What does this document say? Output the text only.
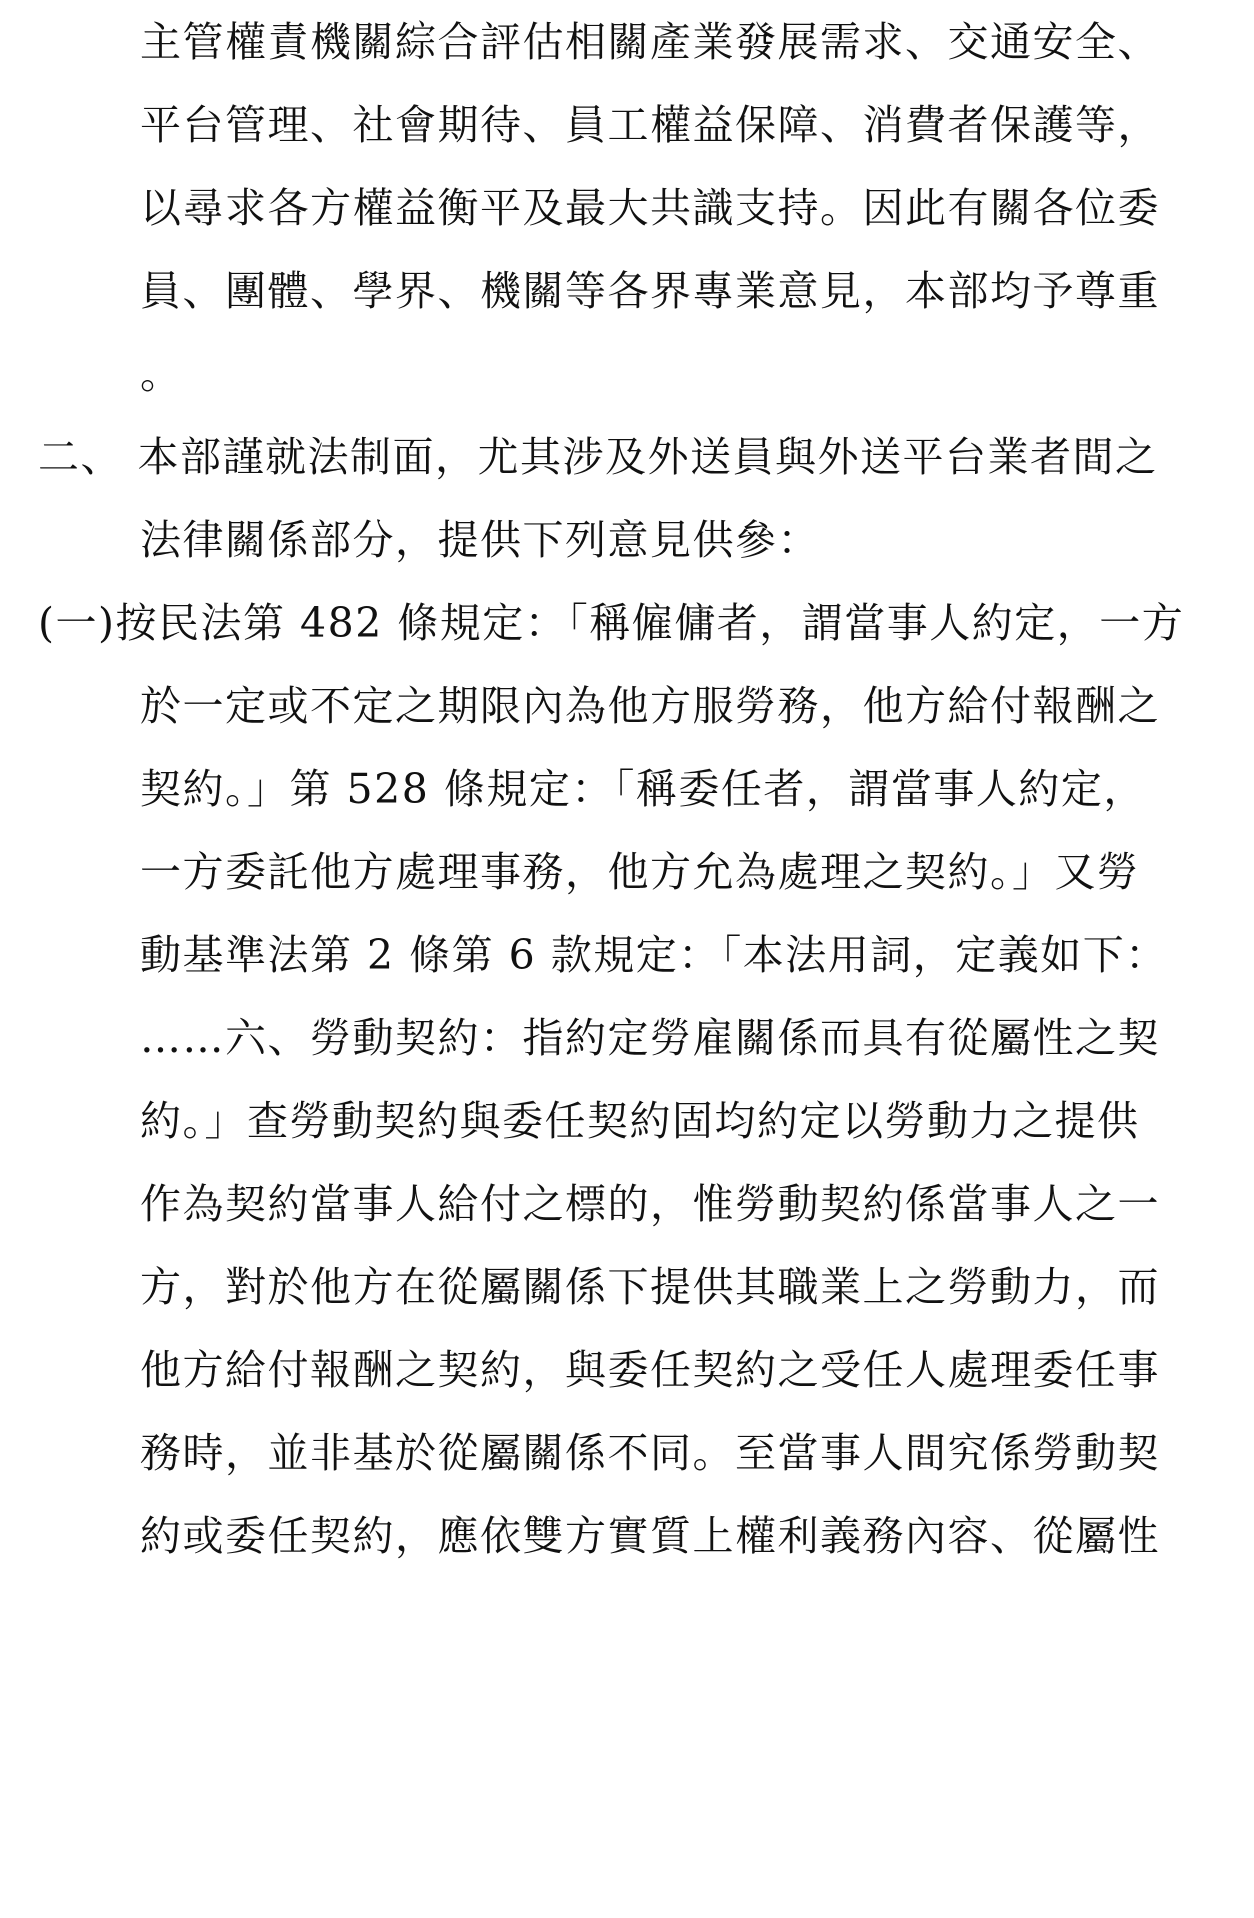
主管權責機關綜合評估相關產業發展需求、交通安全、
平台管理、社會期待、員工權益保障、消費者保護等，
以尋求各方權益衡平及最大共識支持。因此有關各位委
員、團體、學界、機關等各界專業意見，本部均予尊重
。
二、 本部謹就法制面，尤其涉及外送員與外送平台業者間之
法律關係部分，提供下列意見供參：
(一)按民法第 482 條規定：「稱僱傭者，謂當事人約定，一方
於一定或不定之期限內為他方服勞務，他方給付報酬之
契約。」第 528 條規定：「稱委任者，謂當事人約定，
一方委託他方處理事務，他方允為處理之契約。」又勞
動基準法第 2 條第 6 款規定：「本法用詞，定義如下：
……六、勞動契約：指約定勞雇關係而具有從屬性之契
約。」查勞動契約與委任契約固均約定以勞動力之提供
作為契約當事人給付之標的，惟勞動契約係當事人之一
方，對於他方在從屬關係下提供其職業上之勞動力，而
他方給付報酬之契約，與委任契約之受任人處理委任事
務時，並非基於從屬關係不同。至當事人間究係勞動契
約或委任契約，應依雙方實質上權利義務內容、從屬性
